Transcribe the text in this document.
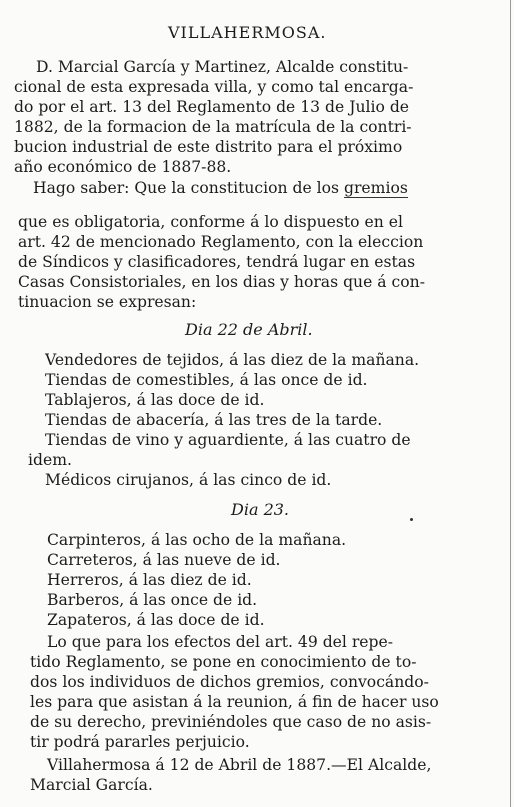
VILLAHERMOSA.
D. Marcial García y Martinez, Alcalde constitu-
cional de esta expresada villa, y como tal encarga-
do por el art. 13 del Reglamento de 13 de Julio de
1882, de la formacion de la matrícula de la contri-
bucion industrial de este distrito para el próximo
año económico de 1887-88.
Hago saber: Que la constitucion de los gremios
que es obligatoria, conforme á lo dispuesto en el
art. 42 de mencionado Reglamento, con la eleccion
de Síndicos y clasificadores, tendrá lugar en estas
Casas Consistoriales, en los dias y horas que á con-
tinuacion se expresan:
Dia 22 de Abril.
Vendedores de tejidos, á las diez de la mañana.
Tiendas de comestibles, á las once de id.
Tablajeros, á las doce de id.
Tiendas de abacería, á las tres de la tarde.
Tiendas de vino y aguardiente, á las cuatro de
idem.
Médicos cirujanos, á las cinco de id.
Dia 23.
Carpinteros, á las ocho de la mañana.
Carreteros, á las nueve de id.
Herreros, á las diez de id.
Barberos, á las once de id.
Zapateros, á las doce de id.
Lo que para los efectos del art. 49 del repe-
tido Reglamento, se pone en conocimiento de to-
dos los individuos de dichos gremios, convocándo-
les para que asistan á la reunion, á fin de hacer uso
de su derecho, previniéndoles que caso de no asis-
tir podrá pararles perjuicio.
Villahermosa á 12 de Abril de 1887.—El Alcalde,
Marcial García.
